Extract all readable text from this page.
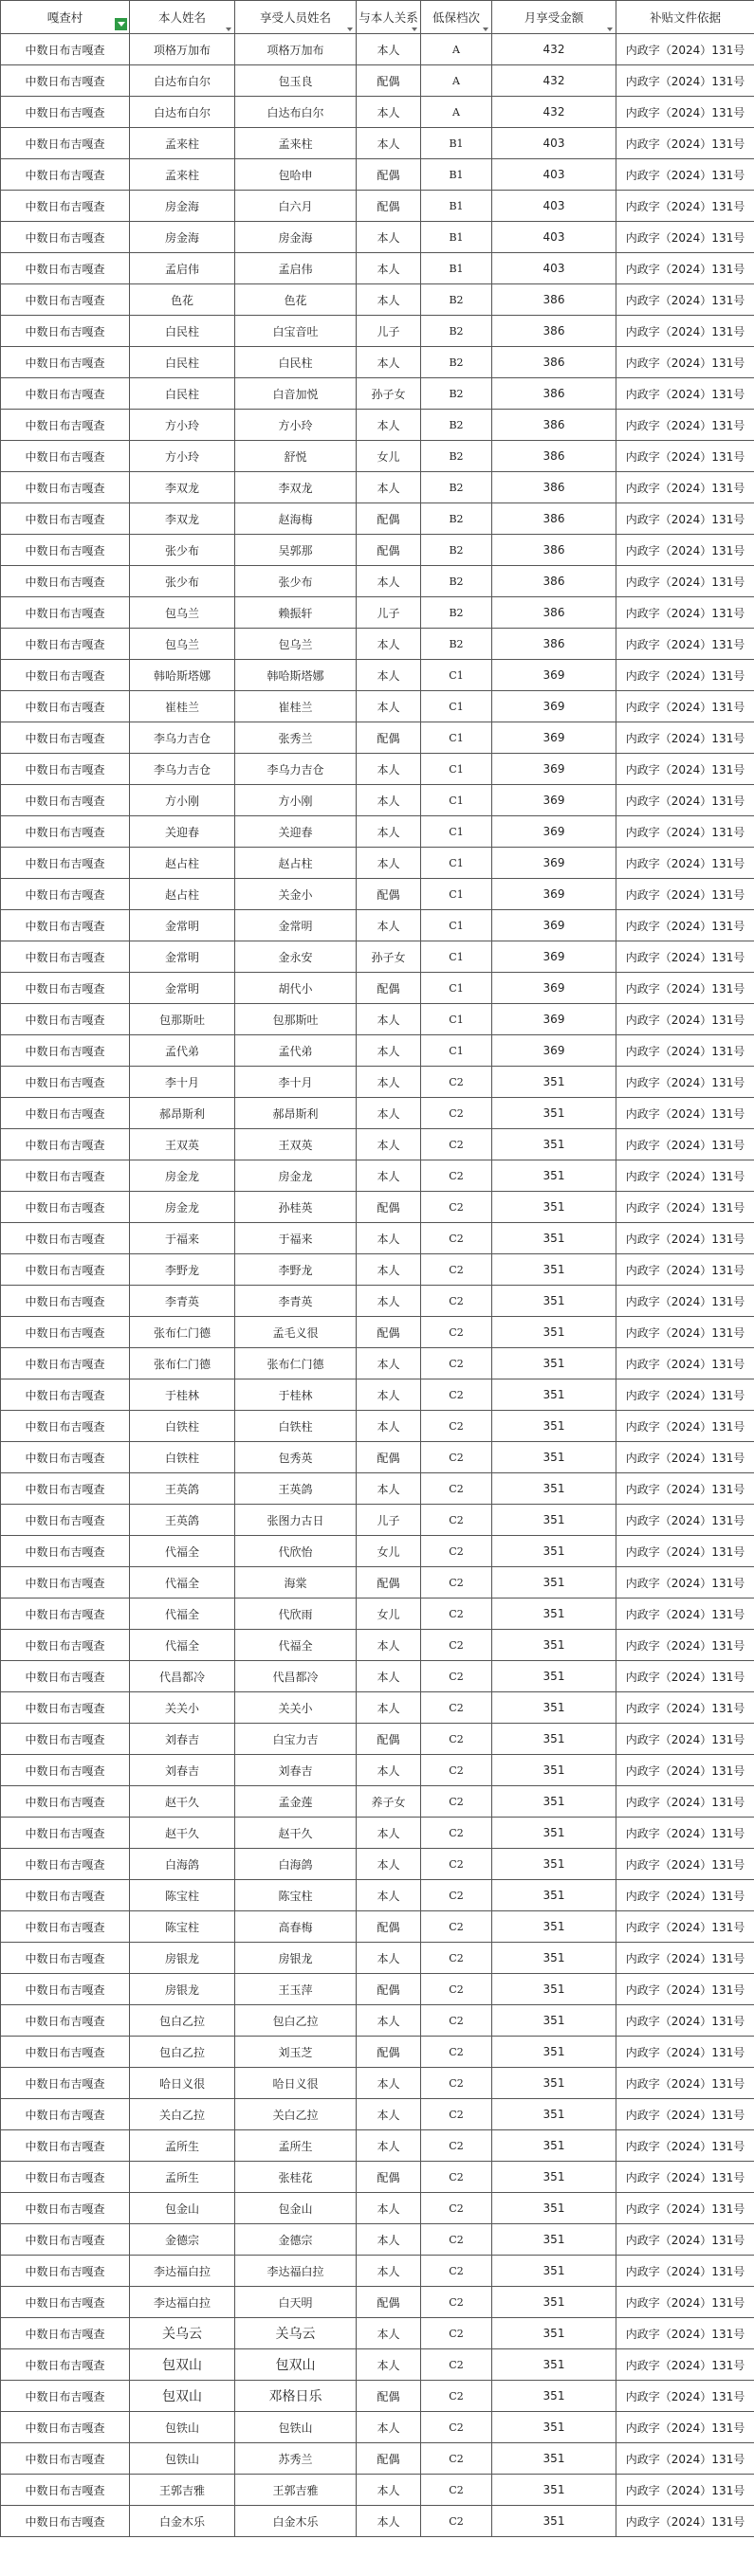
嘎查村	本人姓名	享受人员姓名	与本人关系	低保档次	月享受金额	补贴文件依据
中数日布吉嘎查	项格万加布	项格万加布	本人	A	432	内政字（2024）131号
中数日布吉嘎查	白达布白尔	包玉良	配偶	A	432	内政字（2024）131号
中数日布吉嘎查	白达布白尔	白达布白尔	本人	A	432	内政字（2024）131号
中数日布吉嘎查	孟来柱	孟来柱	本人	B1	403	内政字（2024）131号
中数日布吉嘎查	孟来柱	包哈申	配偶	B1	403	内政字（2024）131号
中数日布吉嘎查	房金海	白六月	配偶	B1	403	内政字（2024）131号
中数日布吉嘎查	房金海	房金海	本人	B1	403	内政字（2024）131号
中数日布吉嘎查	孟启伟	孟启伟	本人	B1	403	内政字（2024）131号
中数日布吉嘎查	色花	色花	本人	B2	386	内政字（2024）131号
中数日布吉嘎查	白民柱	白宝音吐	儿子	B2	386	内政字（2024）131号
中数日布吉嘎查	白民柱	白民柱	本人	B2	386	内政字（2024）131号
中数日布吉嘎查	白民柱	白音加悦	孙子女	B2	386	内政字（2024）131号
中数日布吉嘎查	方小玲	方小玲	本人	B2	386	内政字（2024）131号
中数日布吉嘎查	方小玲	舒悦	女儿	B2	386	内政字（2024）131号
中数日布吉嘎查	李双龙	李双龙	本人	B2	386	内政字（2024）131号
中数日布吉嘎查	李双龙	赵海梅	配偶	B2	386	内政字（2024）131号
中数日布吉嘎查	张少布	吴郭那	配偶	B2	386	内政字（2024）131号
中数日布吉嘎查	张少布	张少布	本人	B2	386	内政字（2024）131号
中数日布吉嘎查	包乌兰	赖振轩	儿子	B2	386	内政字（2024）131号
中数日布吉嘎查	包乌兰	包乌兰	本人	B2	386	内政字（2024）131号
中数日布吉嘎查	韩哈斯塔娜	韩哈斯塔娜	本人	C1	369	内政字（2024）131号
中数日布吉嘎查	崔桂兰	崔桂兰	本人	C1	369	内政字（2024）131号
中数日布吉嘎查	李乌力吉仓	张秀兰	配偶	C1	369	内政字（2024）131号
中数日布吉嘎查	李乌力吉仓	李乌力吉仓	本人	C1	369	内政字（2024）131号
中数日布吉嘎查	方小刚	方小刚	本人	C1	369	内政字（2024）131号
中数日布吉嘎查	关迎春	关迎春	本人	C1	369	内政字（2024）131号
中数日布吉嘎查	赵占柱	赵占柱	本人	C1	369	内政字（2024）131号
中数日布吉嘎查	赵占柱	关金小	配偶	C1	369	内政字（2024）131号
中数日布吉嘎查	金常明	金常明	本人	C1	369	内政字（2024）131号
中数日布吉嘎查	金常明	金永安	孙子女	C1	369	内政字（2024）131号
中数日布吉嘎查	金常明	胡代小	配偶	C1	369	内政字（2024）131号
中数日布吉嘎查	包那斯吐	包那斯吐	本人	C1	369	内政字（2024）131号
中数日布吉嘎查	孟代弟	孟代弟	本人	C1	369	内政字（2024）131号
中数日布吉嘎查	李十月	李十月	本人	C2	351	内政字（2024）131号
中数日布吉嘎查	郝昂斯利	郝昂斯利	本人	C2	351	内政字（2024）131号
中数日布吉嘎查	王双英	王双英	本人	C2	351	内政字（2024）131号
中数日布吉嘎查	房金龙	房金龙	本人	C2	351	内政字（2024）131号
中数日布吉嘎查	房金龙	孙桂英	配偶	C2	351	内政字（2024）131号
中数日布吉嘎查	于福来	于福来	本人	C2	351	内政字（2024）131号
中数日布吉嘎查	李野龙	李野龙	本人	C2	351	内政字（2024）131号
中数日布吉嘎查	李青英	李青英	本人	C2	351	内政字（2024）131号
中数日布吉嘎查	张布仁门德	孟毛义很	配偶	C2	351	内政字（2024）131号
中数日布吉嘎查	张布仁门德	张布仁门德	本人	C2	351	内政字（2024）131号
中数日布吉嘎查	于桂林	于桂林	本人	C2	351	内政字（2024）131号
中数日布吉嘎查	白铁柱	白铁柱	本人	C2	351	内政字（2024）131号
中数日布吉嘎查	白铁柱	包秀英	配偶	C2	351	内政字（2024）131号
中数日布吉嘎查	王英鸽	王英鸽	本人	C2	351	内政字（2024）131号
中数日布吉嘎查	王英鸽	张图力古日	儿子	C2	351	内政字（2024）131号
中数日布吉嘎查	代福全	代欣怡	女儿	C2	351	内政字（2024）131号
中数日布吉嘎查	代福全	海棠	配偶	C2	351	内政字（2024）131号
中数日布吉嘎查	代福全	代欣雨	女儿	C2	351	内政字（2024）131号
中数日布吉嘎查	代福全	代福全	本人	C2	351	内政字（2024）131号
中数日布吉嘎查	代昌都冷	代昌都冷	本人	C2	351	内政字（2024）131号
中数日布吉嘎查	关关小	关关小	本人	C2	351	内政字（2024）131号
中数日布吉嘎查	刘春吉	白宝力吉	配偶	C2	351	内政字（2024）131号
中数日布吉嘎查	刘春吉	刘春吉	本人	C2	351	内政字（2024）131号
中数日布吉嘎查	赵干久	孟金莲	养子女	C2	351	内政字（2024）131号
中数日布吉嘎查	赵干久	赵干久	本人	C2	351	内政字（2024）131号
中数日布吉嘎查	白海鸽	白海鸽	本人	C2	351	内政字（2024）131号
中数日布吉嘎查	陈宝柱	陈宝柱	本人	C2	351	内政字（2024）131号
中数日布吉嘎查	陈宝柱	高春梅	配偶	C2	351	内政字（2024）131号
中数日布吉嘎查	房银龙	房银龙	本人	C2	351	内政字（2024）131号
中数日布吉嘎查	房银龙	王玉萍	配偶	C2	351	内政字（2024）131号
中数日布吉嘎查	包白乙拉	包白乙拉	本人	C2	351	内政字（2024）131号
中数日布吉嘎查	包白乙拉	刘玉芝	配偶	C2	351	内政字（2024）131号
中数日布吉嘎查	哈日义很	哈日义很	本人	C2	351	内政字（2024）131号
中数日布吉嘎查	关白乙拉	关白乙拉	本人	C2	351	内政字（2024）131号
中数日布吉嘎查	孟所生	孟所生	本人	C2	351	内政字（2024）131号
中数日布吉嘎查	孟所生	张桂花	配偶	C2	351	内政字（2024）131号
中数日布吉嘎查	包金山	包金山	本人	C2	351	内政字（2024）131号
中数日布吉嘎查	金德宗	金德宗	本人	C2	351	内政字（2024）131号
中数日布吉嘎查	李达福白拉	李达福白拉	本人	C2	351	内政字（2024）131号
中数日布吉嘎查	李达福白拉	白天明	配偶	C2	351	内政字（2024）131号
中数日布吉嘎查	关乌云	关乌云	本人	C2	351	内政字（2024）131号
中数日布吉嘎查	包双山	包双山	本人	C2	351	内政字（2024）131号
中数日布吉嘎查	包双山	邓格日乐	配偶	C2	351	内政字（2024）131号
中数日布吉嘎查	包铁山	包铁山	本人	C2	351	内政字（2024）131号
中数日布吉嘎查	包铁山	苏秀兰	配偶	C2	351	内政字（2024）131号
中数日布吉嘎查	王郭吉雅	王郭吉雅	本人	C2	351	内政字（2024）131号
中数日布吉嘎查	白金木乐	白金木乐	本人	C2	351	内政字（2024）131号
